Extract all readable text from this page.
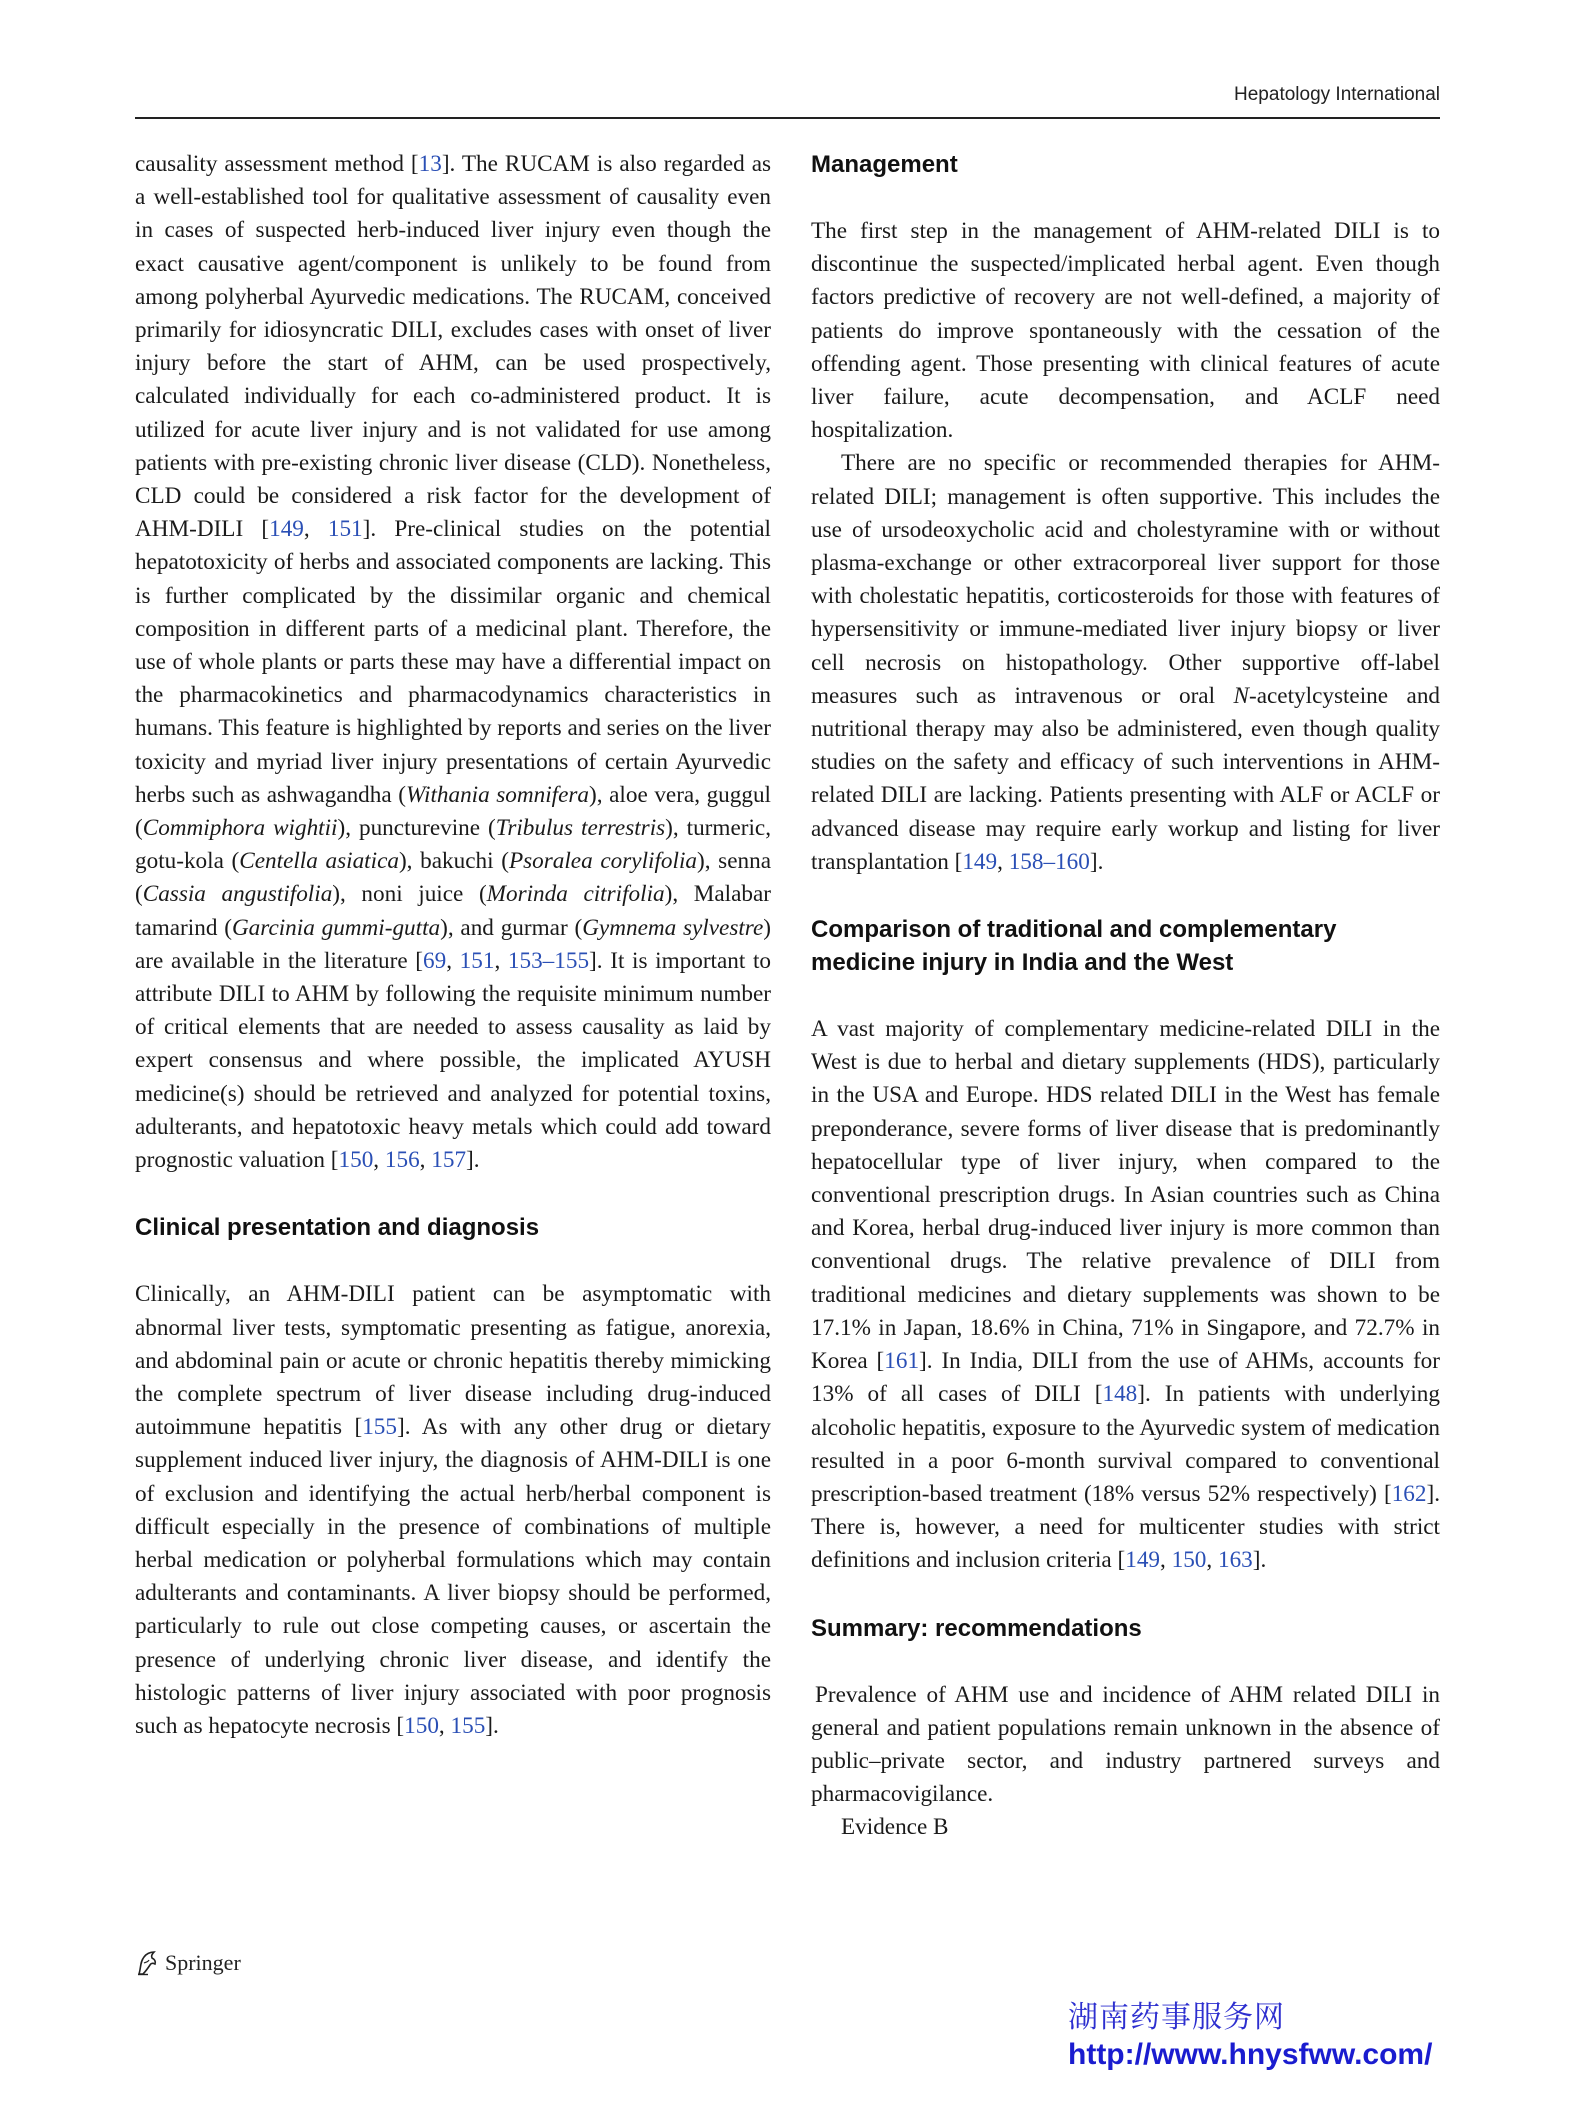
Hepatology International

causality assessment method [13]. The RUCAM is also regarded as a well-established tool for qualitative assessment of causality even in cases of suspected herb-induced liver injury even though the exact causative agent/component is unlikely to be found from among polyherbal Ayurvedic medications. The RUCAM, conceived primarily for idiosyncratic DILI, excludes cases with onset of liver injury before the start of AHM, can be used prospectively, calculated individually for each co-administered product. It is utilized for acute liver injury and is not validated for use among patients with pre-existing chronic liver disease (CLD). Nonetheless, CLD could be considered a risk factor for the development of AHM-DILI [149, 151]. Pre-clinical studies on the potential hepatotoxicity of herbs and associated components are lacking. This is further complicated by the dissimilar organic and chemical composition in different parts of a medicinal plant. Therefore, the use of whole plants or parts these may have a differential impact on the pharmacokinetics and pharmacodynamics characteristics in humans. This feature is highlighted by reports and series on the liver toxicity and myriad liver injury presentations of certain Ayurvedic herbs such as ashwagandha (Withania somnifera), aloe vera, guggul (Commiphora wightii), puncturevine (Tribulus terrestris), turmeric, gotu-kola (Centella asiatica), bakuchi (Psoralea corylifolia), senna (Cassia angustifolia), noni juice (Morinda citrifolia), Malabar tamarind (Garcinia gummi-gutta), and gurmar (Gymnema sylvestre) are available in the literature [69, 151, 153–155]. It is important to attribute DILI to AHM by following the requisite minimum number of critical elements that are needed to assess causality as laid by expert consensus and where possible, the implicated AYUSH medicine(s) should be retrieved and analyzed for potential toxins, adulterants, and hepatotoxic heavy metals which could add toward prognostic valuation [150, 156, 157].

Clinical presentation and diagnosis

Clinically, an AHM-DILI patient can be asymptomatic with abnormal liver tests, symptomatic presenting as fatigue, anorexia, and abdominal pain or acute or chronic hepatitis thereby mimicking the complete spectrum of liver disease including drug-induced autoimmune hepatitis [155]. As with any other drug or dietary supplement induced liver injury, the diagnosis of AHM-DILI is one of exclusion and identifying the actual herb/herbal component is difficult especially in the presence of combinations of multiple herbal medication or polyherbal formulations which may contain adulterants and contaminants. A liver biopsy should be performed, particularly to rule out close competing causes, or ascertain the presence of underlying chronic liver disease, and identify the histologic patterns of liver injury associated with poor prognosis such as hepatocyte necrosis [150, 155].

Management

The first step in the management of AHM-related DILI is to discontinue the suspected/implicated herbal agent. Even though factors predictive of recovery are not well-defined, a majority of patients do improve spontaneously with the cessation of the offending agent. Those presenting with clinical features of acute liver failure, acute decompensation, and ACLF need hospitalization.

There are no specific or recommended therapies for AHM-related DILI; management is often supportive. This includes the use of ursodeoxycholic acid and cholestyramine with or without plasma-exchange or other extracorporeal liver support for those with cholestatic hepatitis, corticosteroids for those with features of hypersensitivity or immune-mediated liver injury biopsy or liver cell necrosis on histopathology. Other supportive off-label measures such as intravenous or oral N-acetylcysteine and nutritional therapy may also be administered, even though quality studies on the safety and efficacy of such interventions in AHM-related DILI are lacking. Patients presenting with ALF or ACLF or advanced disease may require early workup and listing for liver transplantation [149, 158–160].

Comparison of traditional and complementary medicine injury in India and the West

A vast majority of complementary medicine-related DILI in the West is due to herbal and dietary supplements (HDS), particularly in the USA and Europe. HDS related DILI in the West has female preponderance, severe forms of liver disease that is predominantly hepatocellular type of liver injury, when compared to the conventional prescription drugs. In Asian countries such as China and Korea, herbal drug-induced liver injury is more common than conventional drugs. The relative prevalence of DILI from traditional medicines and dietary supplements was shown to be 17.1% in Japan, 18.6% in China, 71% in Singapore, and 72.7% in Korea [161]. In India, DILI from the use of AHMs, accounts for 13% of all cases of DILI [148]. In patients with underlying alcoholic hepatitis, exposure to the Ayurvedic system of medication resulted in a poor 6-month survival compared to conventional prescription-based treatment (18% versus 52% respectively) [162]. There is, however, a need for multicenter studies with strict definitions and inclusion criteria [149, 150, 163].

Summary: recommendations

Prevalence of AHM use and incidence of AHM related DILI in general and patient populations remain unknown in the absence of public–private sector, and industry partnered surveys and pharmacovigilance.

Evidence B

Springer
湖南药事服务网
http://www.hnysfww.com/
